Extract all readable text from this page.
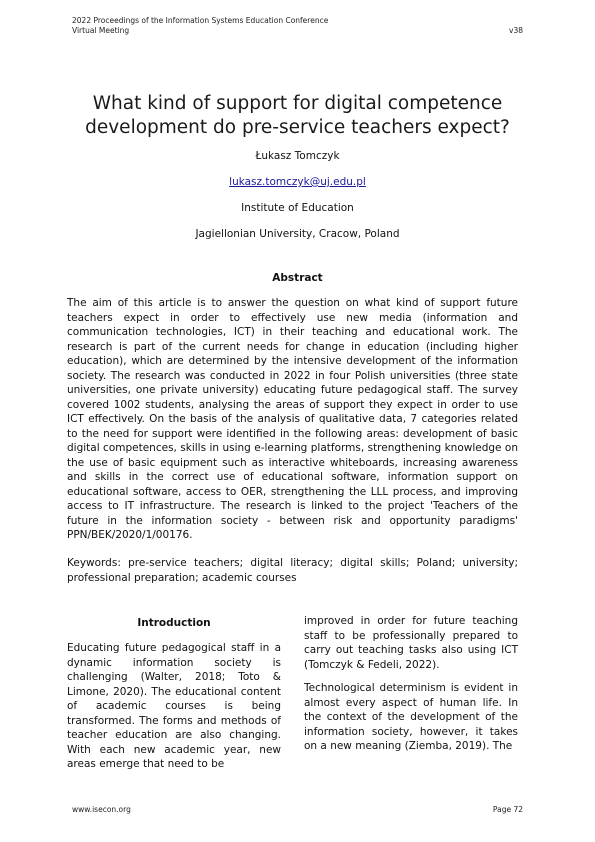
2022 Proceedings of the Information Systems Education Conference
Virtual Meeting	v38
What kind of support for digital competence development do pre-service teachers expect?
Łukasz Tomczyk
lukasz.tomczyk@uj.edu.pl
Institute of Education
Jagiellonian University, Cracow, Poland
Abstract

The aim of this article is to answer the question on what kind of support future teachers expect in order to effectively use new media (information and communication technologies, ICT) in their teaching and educational work. The research is part of the current needs for change in education (including higher education), which are determined by the intensive development of the information society. The research was conducted in 2022 in four Polish universities (three state universities, one private university) educating future pedagogical staff. The survey covered 1002 students, analysing the areas of support they expect in order to use ICT effectively. On the basis of the analysis of qualitative data, 7 categories related to the need for support were identified in the following areas: development of basic digital competences, skills in using e-learning platforms, strengthening knowledge on the use of basic equipment such as interactive whiteboards, increasing awareness and skills in the correct use of educational software, information support on educational software, access to OER, strengthening the LLL process, and improving access to IT infrastructure. The research is linked to the project 'Teachers of the future in the information society - between risk and opportunity paradigms' PPN/BEK/2020/1/00176.

Keywords: pre-service teachers; digital literacy; digital skills; Poland; university; professional preparation; academic courses

Introduction

Educating future pedagogical staff in a dynamic information society is challenging (Walter, 2018; Toto & Limone, 2020). The educational content of academic courses is being transformed. The forms and methods of teacher education are also changing. With each new academic year, new areas emerge that need to be

improved in order for future teaching staff to be professionally prepared to carry out teaching tasks also using ICT (Tomczyk & Fedeli, 2022).

Technological determinism is evident in almost every aspect of human life. In the context of the development of the information society, however, it takes on a new meaning (Ziemba, 2019). The

www.isecon.org	Page 72
